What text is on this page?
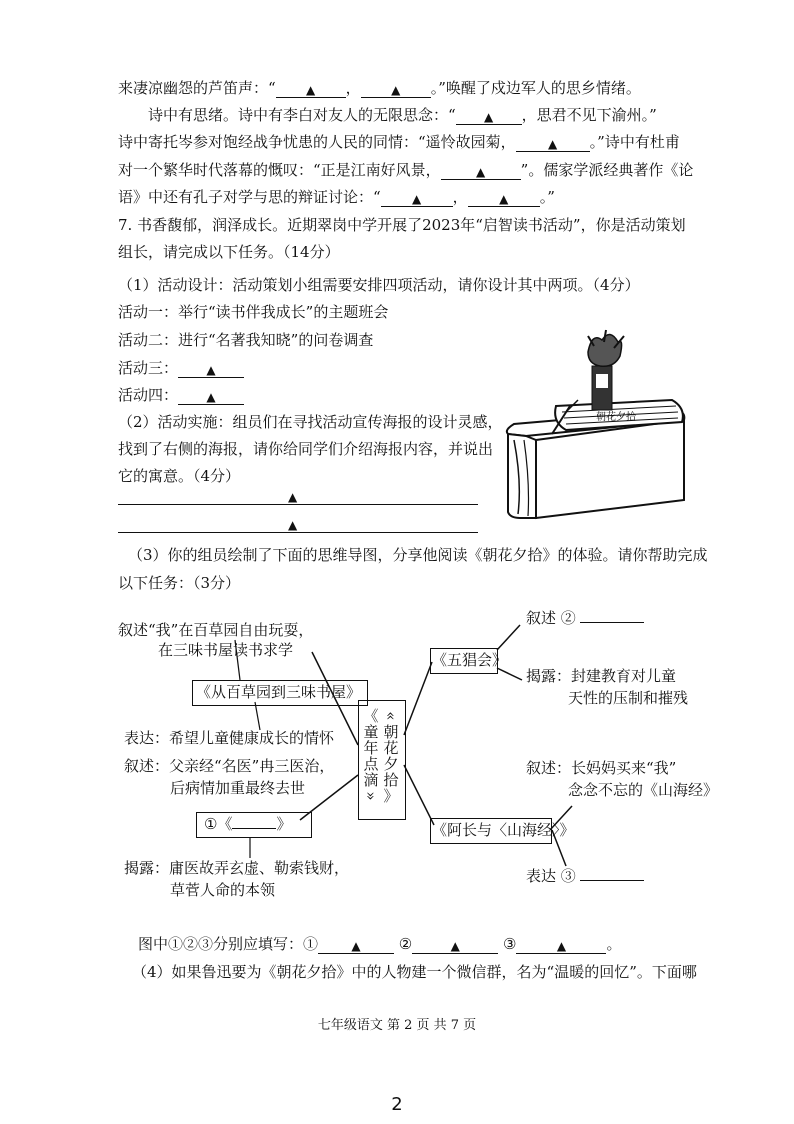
来凄凉幽怨的芦笛声：“	▲ ，	▲ 。”唤醒了戍边军人的思乡情绪。
诗中有思绪。诗中有李白对友人的无限思念：“ ▲ ，思君不见下渝州。”
诗中寄托岑参对饱经战争忧患的人民的同情：“遥怜故园菊，	▲ 。”诗中有杜甫
对一个繁华时代落幕的慨叹：“正是江南好风景，	▲ ”。儒家学派经典著作《论
语》中还有孔子对学与思的辩证讨论：“	▲ ，	▲ 。”
7. 书香馥郁，润泽成长。近期翠岗中学开展了2023年“启智读书活动”，你是活动策划
组长，请完成以下任务。（14分）
（1）活动设计：活动策划小组需要安排四项活动，请你设计其中两项。（4分）
活动一：举行“读书伴我成长”的主题班会
活动二：进行“名著我知晓”的问卷调查
活动三： ▲
活动四： ▲
（2）活动实施：组员们在寻找活动宣传海报的设计灵感，
找到了右侧的海报，请你给同学们介绍海报内容，并说出
它的寓意。（4分）
▲
▲
朝花夕拾
（3）你的组员绘制了下面的思维导图，分享他阅读《朝花夕拾》的体验。请你帮助完成
以下任务：（3分）
《
童
年
点
滴
»
«
朝
花
夕
拾
》
叙述“我”在百草园自由玩耍，
在三味书屋读书求学
《从百草园到三味书屋》
表达：希望儿童健康成长的情怀
叙述：父亲经“名医”冉三医治，
后病情加重最终去世
①《	》
揭露：庸医故弄玄虚、勒索钱财，
草菅人命的本领
《五猖会》
叙述 ②
揭露：封建教育对儿童
天性的压制和摧残
叙述：长妈妈买来“我”
念念不忘的《山海经》
《阿长与〈山海经〉》
表达 ③
图中①②③分别应填写：①	▲	②	▲	③	▲	。
（4）如果鲁迅要为《朝花夕拾》中的人物建一个微信群，名为“温暖的回忆”。下面哪
七年级语文 第 2 页 共 7 页
2
